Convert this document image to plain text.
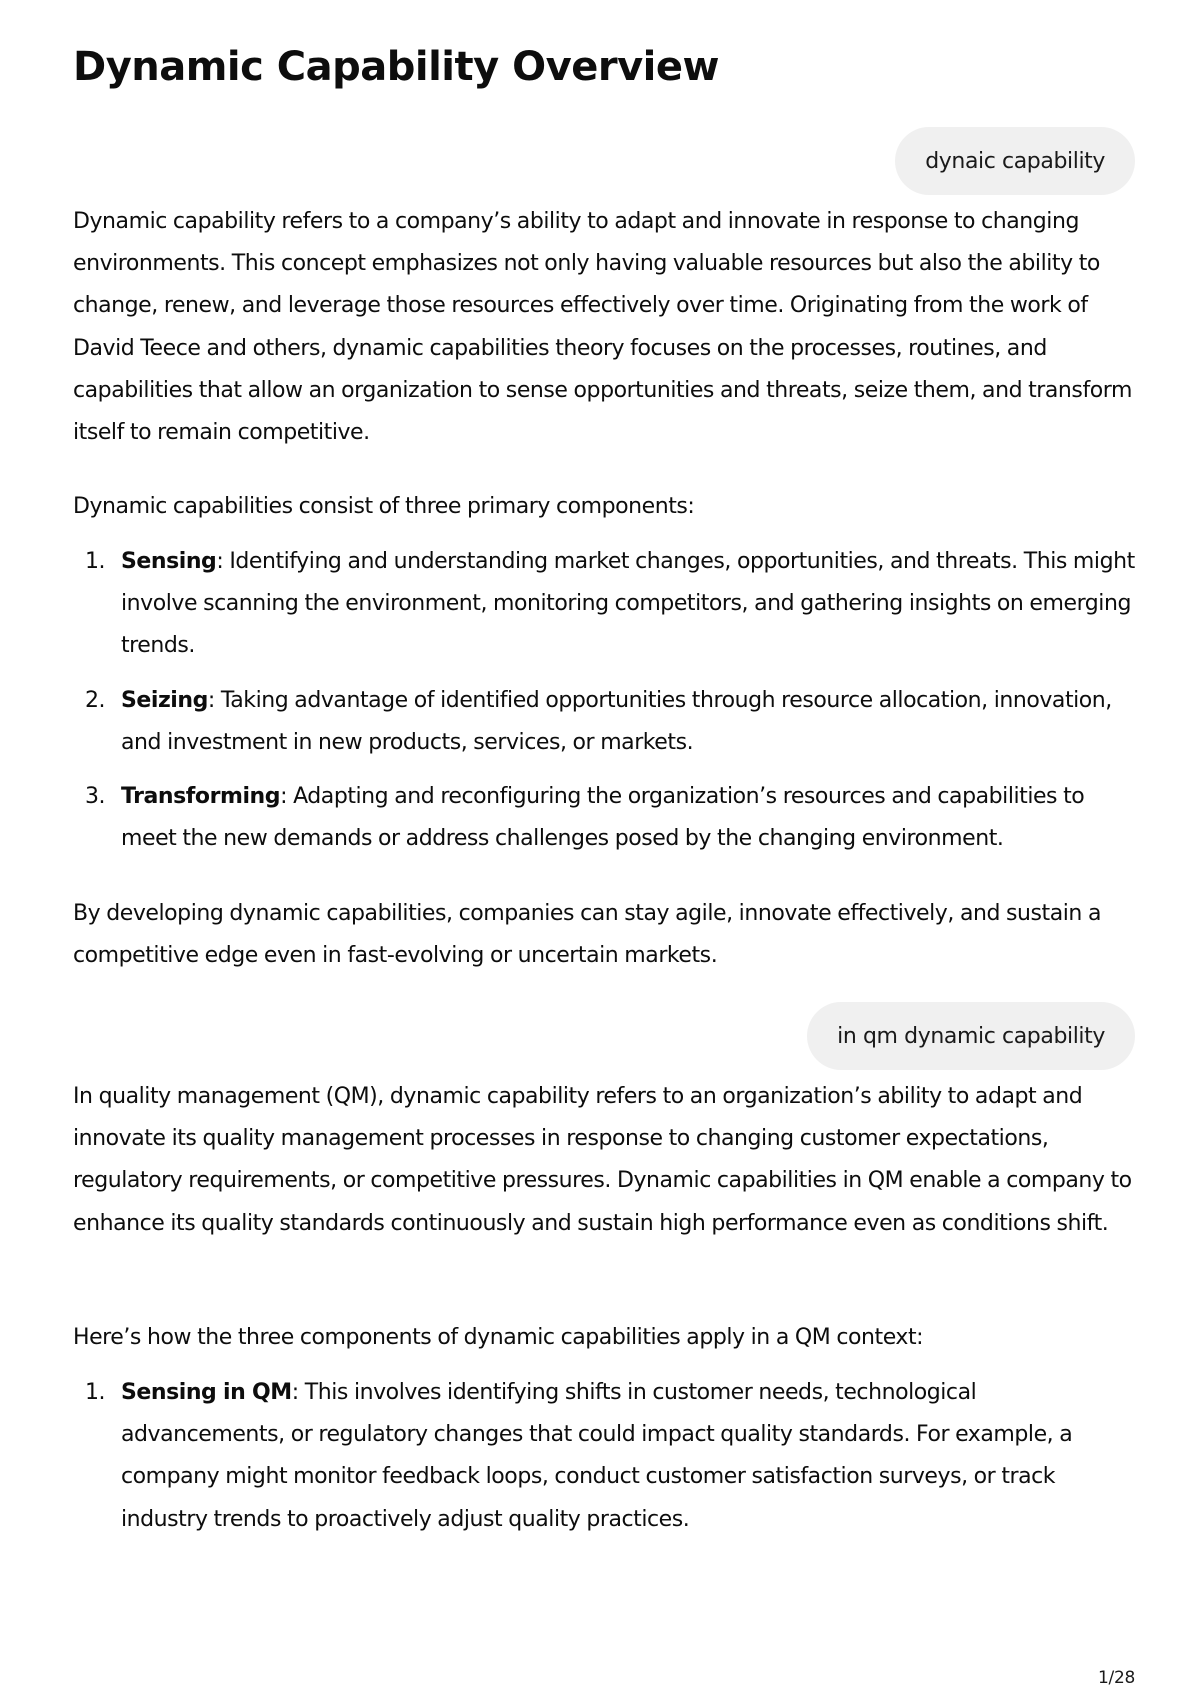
Dynamic Capability Overview
dynaic capability

Dynamic capability refers to a company’s ability to adapt and innovate in response to changing environments. This concept emphasizes not only having valuable resources but also the ability to change, renew, and leverage those resources effectively over time. Originating from the work of David Teece and others, dynamic capabilities theory focuses on the processes, routines, and capabilities that allow an organization to sense opportunities and threats, seize them, and transform itself to remain competitive.

Dynamic capabilities consist of three primary components:

1. Sensing: Identifying and understanding market changes, opportunities, and threats. This might involve scanning the environment, monitoring competitors, and gathering insights on emerging trends.
2. Seizing: Taking advantage of identified opportunities through resource allocation, innovation, and investment in new products, services, or markets.
3. Transforming: Adapting and reconfiguring the organization’s resources and capabilities to meet the new demands or address challenges posed by the changing environment.

By developing dynamic capabilities, companies can stay agile, innovate effectively, and sustain a competitive edge even in fast-evolving or uncertain markets.

in qm dynamic capability

In quality management (QM), dynamic capability refers to an organization’s ability to adapt and innovate its quality management processes in response to changing customer expectations, regulatory requirements, or competitive pressures. Dynamic capabilities in QM enable a company to enhance its quality standards continuously and sustain high performance even as conditions shift.

Here’s how the three components of dynamic capabilities apply in a QM context:

1. Sensing in QM: This involves identifying shifts in customer needs, technological advancements, or regulatory changes that could impact quality standards. For example, a company might monitor feedback loops, conduct customer satisfaction surveys, or track industry trends to proactively adjust quality practices.
1/28
